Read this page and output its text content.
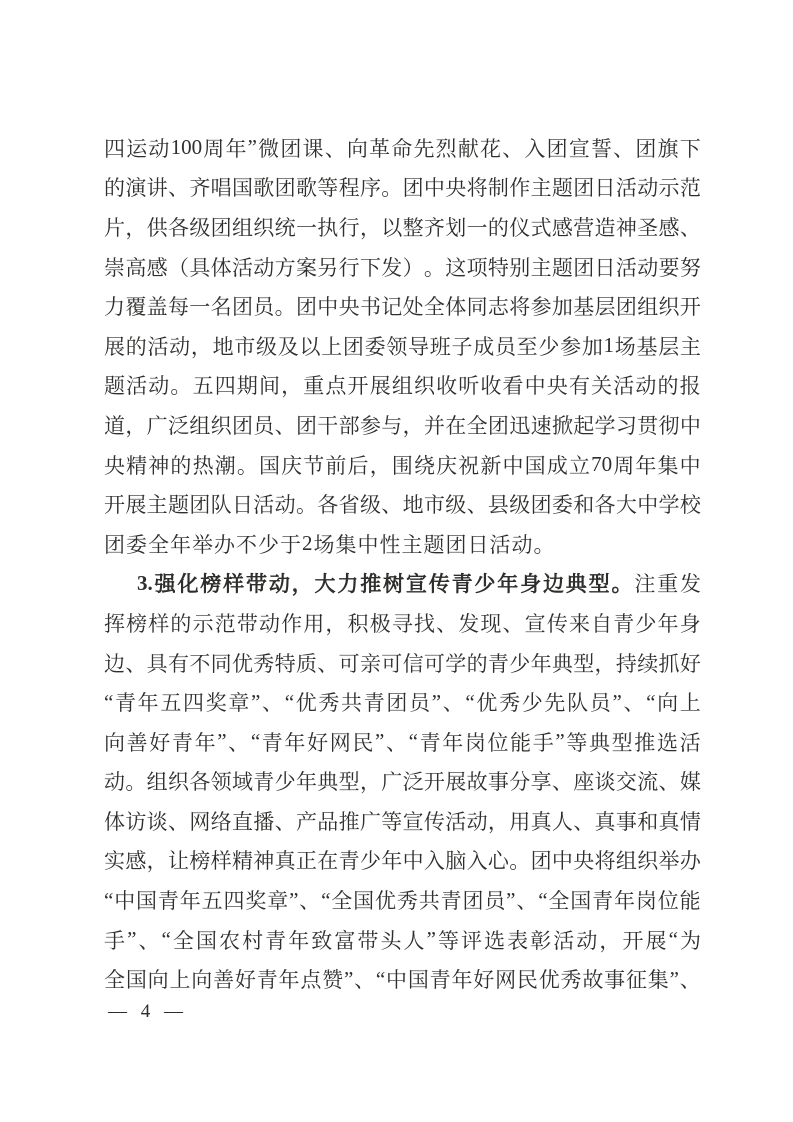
四 运 动 100 周 年 ” 微 团 课 、 向 革 命 先 烈 献 花 、 入 团 宣 誓 、 团 旗 下
的 演 讲 、 齐 唱 国 歌 团 歌 等 程 序 。 团 中 央 将 制 作 主 题 团 日 活 动 示 范
片 ， 供 各 级 团 组 织 统 一 执 行 ， 以 整 齐 划 一 的 仪 式 感 营 造 神 圣 感 、
崇 高 感 （ 具 体 活 动 方 案 另 行 下 发 ） 。 这 项 特 别 主 题 团 日 活 动 要 努
力 覆 盖 每 一 名 团 员 。 团 中 央 书 记 处 全 体 同 志 将 参 加 基 层 团 组 织 开
展 的 活 动 ， 地 市 级 及 以 上 团 委 领 导 班 子 成 员 至 少 参 加 1 场 基 层 主
题 活 动 。 五 四 期 间 ， 重 点 开 展 组 织 收 听 收 看 中 央 有 关 活 动 的 报
道 ， 广 泛 组 织 团 员 、 团 干 部 参 与 ， 并 在 全 团 迅 速 掀 起 学 习 贯 彻 中
央 精 神 的 热 潮 。 国 庆 节 前 后 ， 围 绕 庆 祝 新 中 国 成 立 70 周 年 集 中
开 展 主 题 团 队 日 活 动 。 各 省 级 、 地 市 级 、 县 级 团 委 和 各 大 中 学 校
团 委 全 年 举 办 不 少 于 2 场 集 中 性 主 题 团 日 活 动 。
3. 强 化 榜 样 带 动 ， 大 力 推 树 宣 传 青 少 年 身 边 典 型 。 注 重 发
挥 榜 样 的 示 范 带 动 作 用 ， 积 极 寻 找 、 发 现 、 宣 传 来 自 青 少 年 身
边 、 具 有 不 同 优 秀 特 质 、 可 亲 可 信 可 学 的 青 少 年 典 型 ， 持 续 抓 好
“ 青 年 五 四 奖 章 ” 、 “ 优 秀 共 青 团 员 ” 、 “ 优 秀 少 先 队 员 ” 、 “ 向 上
向 善 好 青 年 ” 、 “ 青 年 好 网 民 ” 、 “ 青 年 岗 位 能 手 ” 等 典 型 推 选 活
动 。 组 织 各 领 域 青 少 年 典 型 ， 广 泛 开 展 故 事 分 享 、 座 谈 交 流 、 媒
体 访 谈 、 网 络 直 播 、 产 品 推 广 等 宣 传 活 动 ， 用 真 人 、 真 事 和 真 情
实 感 ， 让 榜 样 精 神 真 正 在 青 少 年 中 入 脑 入 心 。 团 中 央 将 组 织 举 办
“ 中 国 青 年 五 四 奖 章 ” 、 “ 全 国 优 秀 共 青 团 员 ” 、 “ 全 国 青 年 岗 位 能
手 ” 、 “ 全 国 农 村 青 年 致 富 带 头 人 ” 等 评 选 表 彰 活 动 ， 开 展 “ 为
全 国 向 上 向 善 好 青 年 点 赞 ” 、 “ 中 国 青 年 好 网 民 优 秀 故 事 征 集 ” 、
— 4 —
